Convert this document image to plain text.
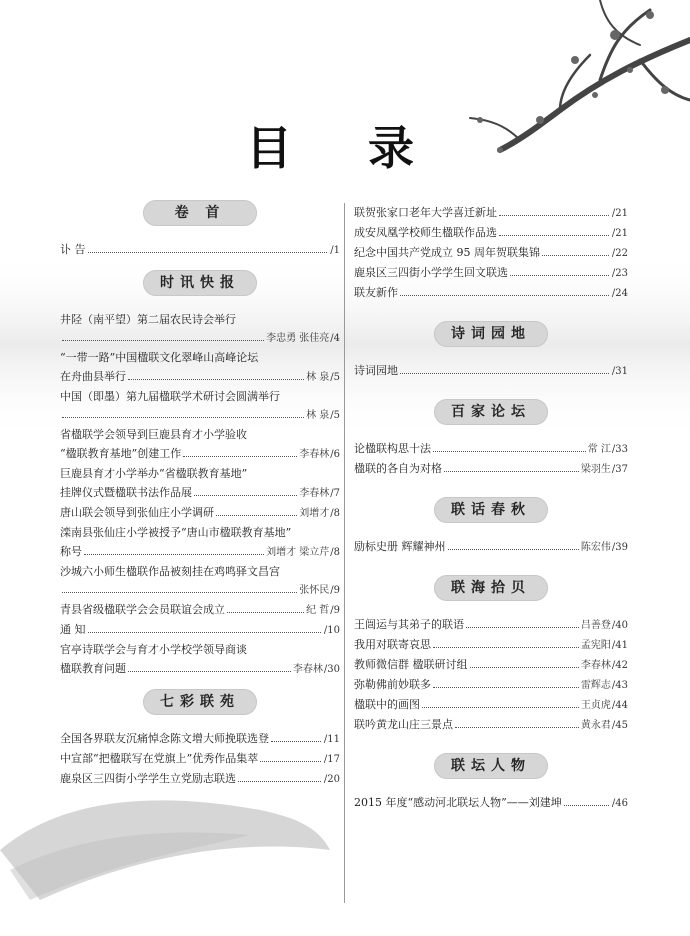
目 录
卷 首
讣 告	/1
时讯快报
井陉（南平望）第二届农民诗会举行
李忠勇 张佳亮 /4
“一带一路”中国楹联文化翠峰山高峰论坛
在舟曲县举行	林 泉 /5
中国（即墨）第九届楹联学术研讨会圆满举行
林 泉 /5
省楹联学会领导到巨鹿县育才小学验收
“楹联教育基地”创建工作	李春林 /6
巨鹿县育才小学举办“省楹联教育基地”
挂牌仪式暨楹联书法作品展	李春林 /7
唐山联会领导到张仙庄小学调研	刘增才 /8
滦南县张仙庄小学被授予“唐山市楹联教育基地”
称号	刘增才 梁立芹 /8
沙城六小师生楹联作品被刻挂在鸡鸣驿文昌宫
张怀民 /9
青县省级楹联学会会员联谊会成立	纪 哲 /9
通 知	/10
官亭诗联学会与育才小学校学领导商谈
楹联教育问题	李春林 /30
七彩联苑
全国各界联友沉痛悼念陈文增大师挽联选登	/11
中宣部“把楹联写在党旗上”优秀作品集萃	/17
鹿泉区三四街小学学生立党励志联选	/20
联贺张家口老年大学喜迁新址	/21
成安凤凰学校师生楹联作品选	/21
纪念中国共产党成立 95 周年贺联集锦	/22
鹿泉区三四街小学学生回文联选	/23
联友新作	/24
诗词园地
诗词园地	/31
百家论坛
论楹联构思十法	常 江 /33
楹联的各自为对格	梁羽生 /37
联话春秋
励标史册 辉耀神州	陈宏伟 /39
联海拾贝
王闿运与其弟子的联语	吕善登 /40
我用对联寄哀思	孟宪阳 /41
教师微信群 楹联研讨组	李春林 /42
弥勒佛前妙联多	雷辉志 /43
楹联中的画图	王贞虎 /44
联吟黄龙山庄三景点	黄永君 /45
联坛人物
2015 年度“感动河北联坛人物”——刘建坤	/46
